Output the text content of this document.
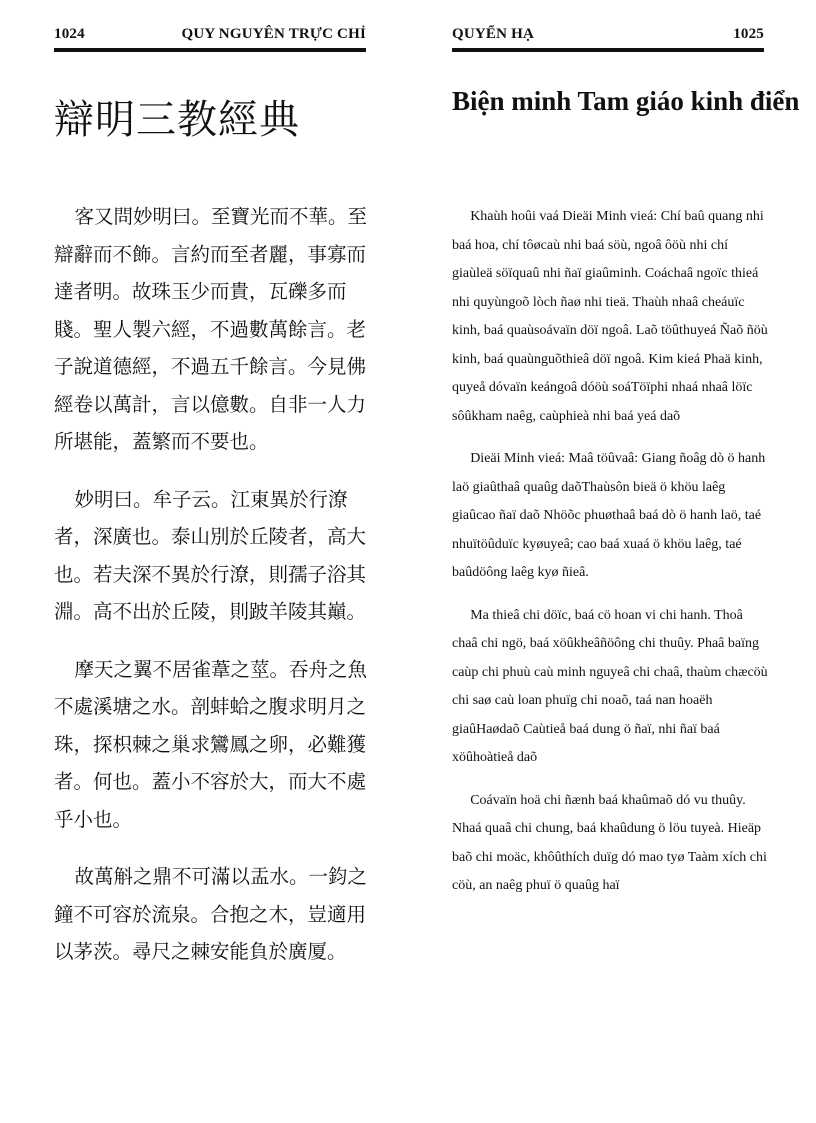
1024	QUY NGUYÊN TRỰC CHỈ
辯明三教經典

客又問妙明曰。至寶光而不華。至辯辭而不飾。言約而至者麗，事寡而達者明。故珠玉少而貴，瓦礫多而賤。聖人製六經，不過數萬餘言。老子說道德經，不過五千餘言。今見佛經卷以萬計，言以億數。自非一人力所堪能，蓋繁而不要也。

妙明曰。牟子云。江東異於行潦者，深廣也。泰山別於丘陵者，高大也。若夫深不異於行潦，則孺子浴其淵。高不出於丘陵，則跛羊陵其巔。

摩天之翼不居雀葦之莖。吞舟之魚不處溪塘之水。剖蚌蛤之腹求明月之珠，探枳棘之巢求鸞鳳之卵，必難獲者。何也。蓋小不容於大，而大不處乎小也。

故萬斛之鼎不可滿以盂水。一鈞之鐘不可容於流泉。合抱之木，豈適用以茅茨。尋尺之棘安能負於廣厦。

QUYỂN HẠ	1025
Biện minh Tam giáo kinh điển

Khaùh hoûi vaá Dieäi Minh vieá: Chí baû quang nhi baá hoa, chí tôøcaù nhi baá söù, ngoâ ôöù nhi chí giaùleä söïquaû nhi ñaï giaûminh. Coáchaâ ngoïc thieá nhi quyùngoõ lòch ñaø nhi tieä. Thaùh nhaâ cheáuïc kinh, baá quaùsoávaïn döï ngoâ. Laõ töûthuyeá Ñaõ ñöù kinh, baá quaùnguõthieâ döï ngoâ. Kim kieá Phaä kinh, quyeå dóvaïn keángoâ dóöù soáTöïphi nhaá nhaâ löïc sôûkham naêg, caùphieà nhi baá yeá daõ

Dieäi Minh vieá: Maâ töûvaâ: Giang ñoâg dò ö hanh laö giaûthaâ quaûg daõThaùsôn bieä ö khöu laêg giaûcao ñaï daõ Nhöõc phuøthaâ baá dò ö hanh laö, taé nhuïtöûduïc kyøuyeâ; cao baá xuaá ö khöu laêg, taé baûdöông laêg kyø ñieâ.

Ma thieâ chi döïc, baá cö hoan vi chi hanh. Thoâ chaâ chi ngö, baá xöûkheâñöông chi thuûy. Phaâ baïng caùp chi phuù caù minh nguyeâ chi chaâ, thaùm chæcöù chi saø caù loan phuïg chi noaõ, taá nan hoaëh giaûHaødaõ Caùtieå baá dung ö ñaï, nhi ñaï baá xöûhoàtieå daõ

Coávaïn hoä chi ñænh baá khaûmaõ dó vu thuûy. Nhaá quaâ chi chung, baá khaûdung ö löu tuyeà. Hieäp baõ chi moäc, khôûthích duïg dó mao tyø Taàm xích chi cöù, an naêg phuï ö quaûg haï
